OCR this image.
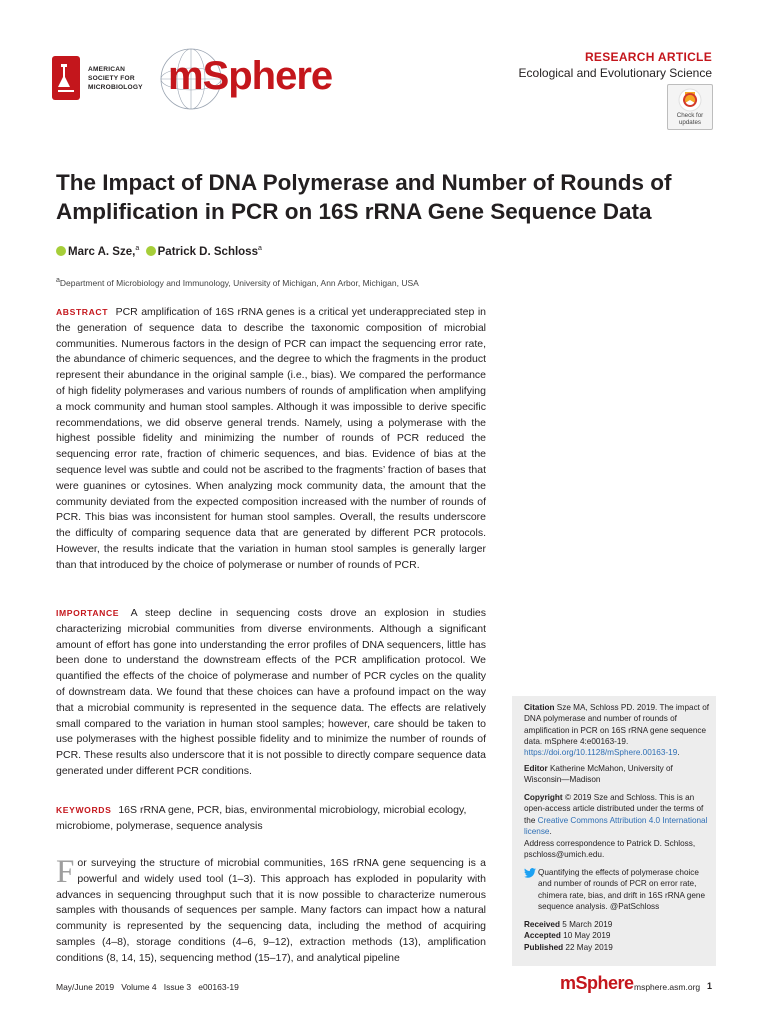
AMERICAN
SOCIETY FOR
MICROBIOLOGY mSphere	RESEARCH ARTICLE
Ecological and Evolutionary Science
Check for
updates
The Impact of DNA Polymerase and Number of Rounds of Amplification in PCR on 16S rRNA Gene Sequence Data
Marc A. Sze,$^a$ Patrick D. Schloss$^a$
$^a$Department of Microbiology and Immunology, University of Michigan, Ann Arbor, Michigan, USA
ABSTRACT PCR amplification of 16S rRNA genes is a critical yet underappreciated step in the generation of sequence data to describe the taxonomic composition of microbial communities. Numerous factors in the design of PCR can impact the sequencing error rate, the abundance of chimeric sequences, and the degree to which the fragments in the product represent their abundance in the original sample (i.e., bias). We compared the performance of high fidelity polymerases and various numbers of rounds of amplification when amplifying a mock community and human stool samples. Although it was impossible to derive specific recommendations, we did observe general trends. Namely, using a polymerase with the highest possible fidelity and minimizing the number of rounds of PCR reduced the sequencing error rate, fraction of chimeric sequences, and bias. Evidence of bias at the sequence level was subtle and could not be ascribed to the fragments’ fraction of bases that were guanines or cytosines. When analyzing mock community data, the amount that the community deviated from the expected composition increased with the number of rounds of PCR. This bias was inconsistent for human stool samples. Overall, the results underscore the difficulty of comparing sequence data that are generated by different PCR protocols. However, the results indicate that the variation in human stool samples is generally larger than that introduced by the choice of polymerase or number of rounds of PCR.
IMPORTANCE A steep decline in sequencing costs drove an explosion in studies characterizing microbial communities from diverse environments. Although a significant amount of effort has gone into understanding the error profiles of DNA sequencers, little has been done to understand the downstream effects of the PCR amplification protocol. We quantified the effects of the choice of polymerase and number of PCR cycles on the quality of downstream data. We found that these choices can have a profound impact on the way that a microbial community is represented in the sequence data. The effects are relatively small compared to the variation in human stool samples; however, care should be taken to use polymerases with the highest possible fidelity and to minimize the number of rounds of PCR. These results also underscore that it is not possible to directly compare sequence data generated under different PCR conditions.
KEYWORDS 16S rRNA gene, PCR, bias, environmental microbiology, microbial ecology, microbiome, polymerase, sequence analysis
For surveying the structure of microbial communities, 16S rRNA gene sequencing is a powerful and widely used tool (1–3). This approach has exploded in popularity with advances in sequencing throughput such that it is now possible to characterize numerous samples with thousands of sequences per sample. Many factors can impact how a natural community is represented by the sequencing data, including the method of acquiring samples (4–8), storage conditions (4–6, 9–12), extraction methods (13), amplification conditions (8, 14, 15), sequencing method (15–17), and analytical pipeline
Citation Sze MA, Schloss PD. 2019. The impact of DNA polymerase and number of rounds of amplification in PCR on 16S rRNA gene sequence data. mSphere 4:e00163-19. https://doi.org/10.1128/mSphere.00163-19.
Editor Katherine McMahon, University of Wisconsin—Madison
Copyright © 2019 Sze and Schloss. This is an open-access article distributed under the terms of the Creative Commons Attribution 4.0 International license.
Address correspondence to Patrick D. Schloss, pschloss@umich.edu.
Quantifying the effects of polymerase choice and number of rounds of PCR on error rate, chimera rate, bias, and drift in 16S rRNA gene sequence analysis. @PatSchloss
Received 5 March 2019
Accepted 10 May 2019
Published 22 May 2019
May/June 2019   Volume 4   Issue 3   e00163-19	mSphere msphere.asm.org 1
